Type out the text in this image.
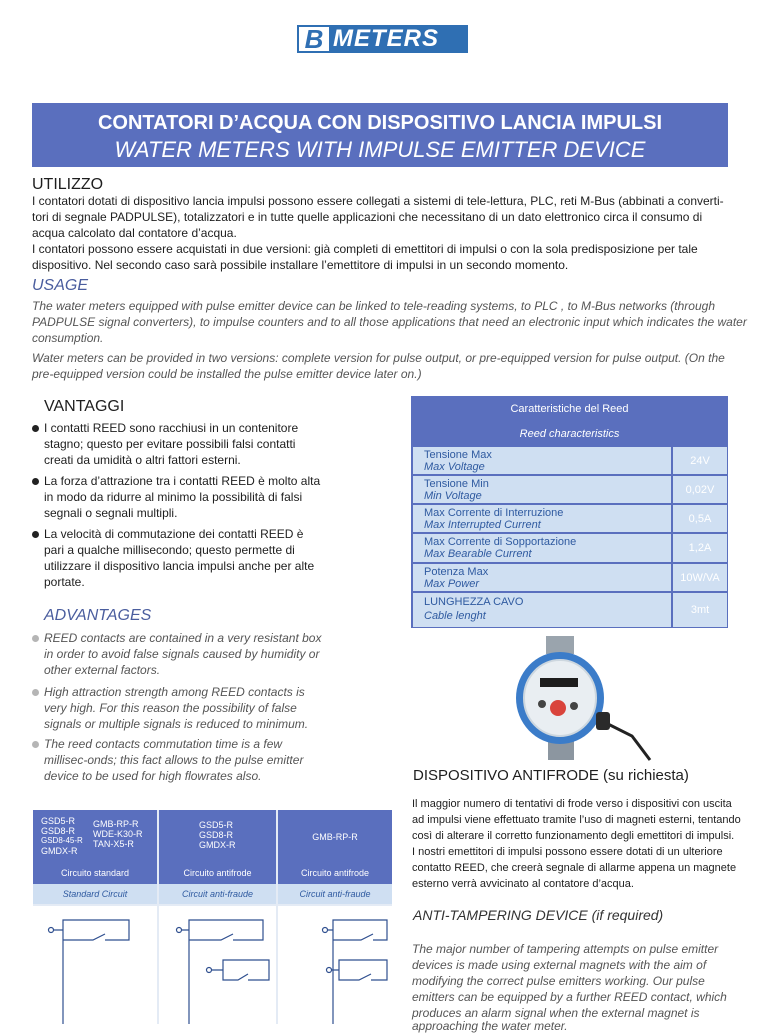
B METERS
CONTATORI D’ACQUA CON DISPOSITIVO LANCIA IMPULSI
WATER METERS WITH IMPULSE EMITTER DEVICE
UTILIZZO
I contatori dotati di dispositivo lancia impulsi possono essere collegati a sistemi di tele-lettura, PLC, reti M-Bus (abbinati a converti-
tori di segnale PADPULSE), totalizzatori e in tutte quelle applicazioni che necessitano di un dato elettronico circa il consumo di
acqua calcolato dal contatore d’acqua.
I contatori possono essere acquistati in due versioni: già completi di emettitori di impulsi o con la sola predisposizione per tale
dispositivo. Nel secondo caso sarà possibile installare l’emettitore di impulsi in un secondo momento.
USAGE
The water meters equipped with pulse emitter device can be linked to tele-reading systems, to PLC , to M-Bus networks (through
PADPULSE signal converters), to impulse counters and to all those applications that need an electronic input which indicates the water
consumption.
Water meters can be provided in two versions: complete version for pulse output, or pre-equipped version for pulse output. (On the
pre-equipped version could be installed the pulse emitter device later on.)
VANTAGGI
I contatti REED sono racchiusi in un contenitore stagno; questo per evitare possibili falsi contatti creati da umidità o altri fattori esterni.
La forza d’attrazione tra i contatti REED è molto alta in modo da ridurre al minimo la possibilità di falsi segnali o segnali multipli.
La velocità di commutazione dei contatti REED è pari a qualche millisecondo; questo permette di utilizzare il dispositivo lancia impulsi anche per alte portate.
ADVANTAGES
REED contacts are contained in a very resistant box in order to avoid false signals caused by humidity or other external factors.
High attraction strength among REED contacts is very high. For this reason the possibility of false signals or multiple signals is reduced to minimum.
The reed contacts commutation time is a few millisec-onds; this fact allows to the pulse emitter device to be used for high flowrates also.
Caratteristiche del Reed
Reed characteristics
Tensione Max
Max Voltage
24V
Tensione Min
Min Voltage
0,02V
Max Corrente di Interruzione
Max Interrupted Current
0,5A
Max Corrente di Sopportazione
Max Bearable Current	1,2A
Potenza Max
Max Power
10W/VA
LUNGHEZZA CAVO
Cable lenght	3mt
DISPOSITIVO ANTIFRODE (su richiesta)
Il maggior numero di tentativi di frode verso i dispositivi con uscita
ad impulsi viene effettuato tramite l’uso di magneti esterni, tentando
così di alterare il corretto funzionamento degli emettitori di impulsi.
I nostri emettitori di impulsi possono essere dotati di un ulteriore
contatto REED, che creerà segnale di allarme appena un magnete
esterno verrà avvicinato al contatore d’acqua.
ANTI-TAMPERING DEVICE (if required)
The major number of tampering attempts on pulse emitter
devices is made using external magnets with the aim of
modifying the correct pulse emitters working. Our pulse
emitters can be equipped by a further REED contact, which
produces an alarm signal when the external magnet is
approaching the water meter.
GSD5-R
GSD8-R
GSD8-45-R
GMDX-R
GMB-RP-R
WDE-K30-R
TAN-X5-R
GSD5-R
GSD8-R
GMDX-R
GMB-RP-R
Circuito standard
Standard Circuit
Circuito antifrode
Circuit anti-fraude
Circuito antifrode
Circuit anti-fraude
